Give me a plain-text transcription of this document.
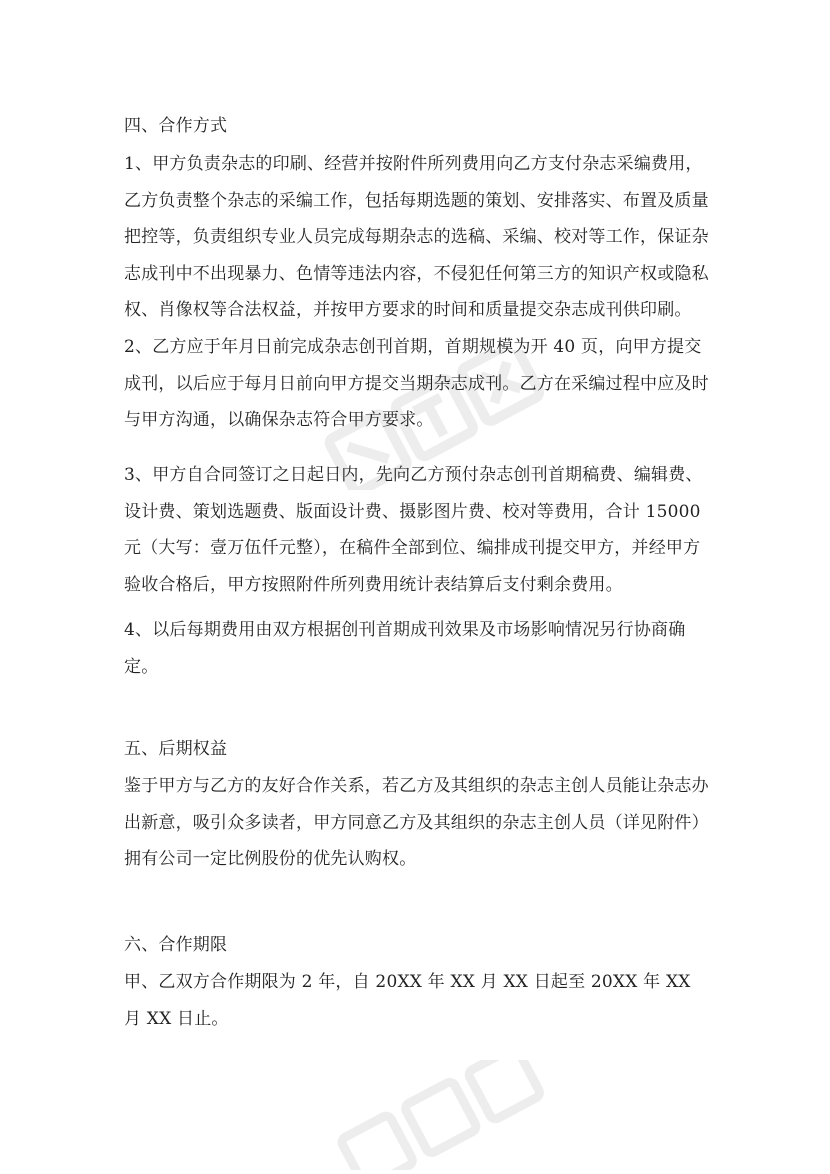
四、合作方式

1、甲方负责杂志的印刷、经营并按附件所列费用向乙方支付杂志采编费用，乙方负责整个杂志的采编工作，包括每期选题的策划、安排落实、布置及质量把控等，负责组织专业人员完成每期杂志的选稿、采编、校对等工作，保证杂志成刊中不出现暴力、色情等违法内容，不侵犯任何第三方的知识产权或隐私权、肖像权等合法权益，并按甲方要求的时间和质量提交杂志成刊供印刷。

2、乙方应于年月日前完成杂志创刊首期，首期规模为开 40 页，向甲方提交成刊，以后应于每月日前向甲方提交当期杂志成刊。乙方在采编过程中应及时与甲方沟通，以确保杂志符合甲方要求。

3、甲方自合同签订之日起日内，先向乙方预付杂志创刊首期稿费、编辑费、设计费、策划选题费、版面设计费、摄影图片费、校对等费用，合计 15000 元（大写：壹万伍仟元整），在稿件全部到位、编排成刊提交甲方，并经甲方验收合格后，甲方按照附件所列费用统计表结算后支付剩余费用。

4、以后每期费用由双方根据创刊首期成刊效果及市场影响情况另行协商确定。

五、后期权益

鉴于甲方与乙方的友好合作关系，若乙方及其组织的杂志主创人员能让杂志办出新意，吸引众多读者，甲方同意乙方及其组织的杂志主创人员（详见附件）拥有公司一定比例股份的优先认购权。

六、合作期限

甲、乙双方合作期限为 2 年，自 20XX 年 XX 月 XX 日起至 20XX 年 XX 月 XX 日止。
